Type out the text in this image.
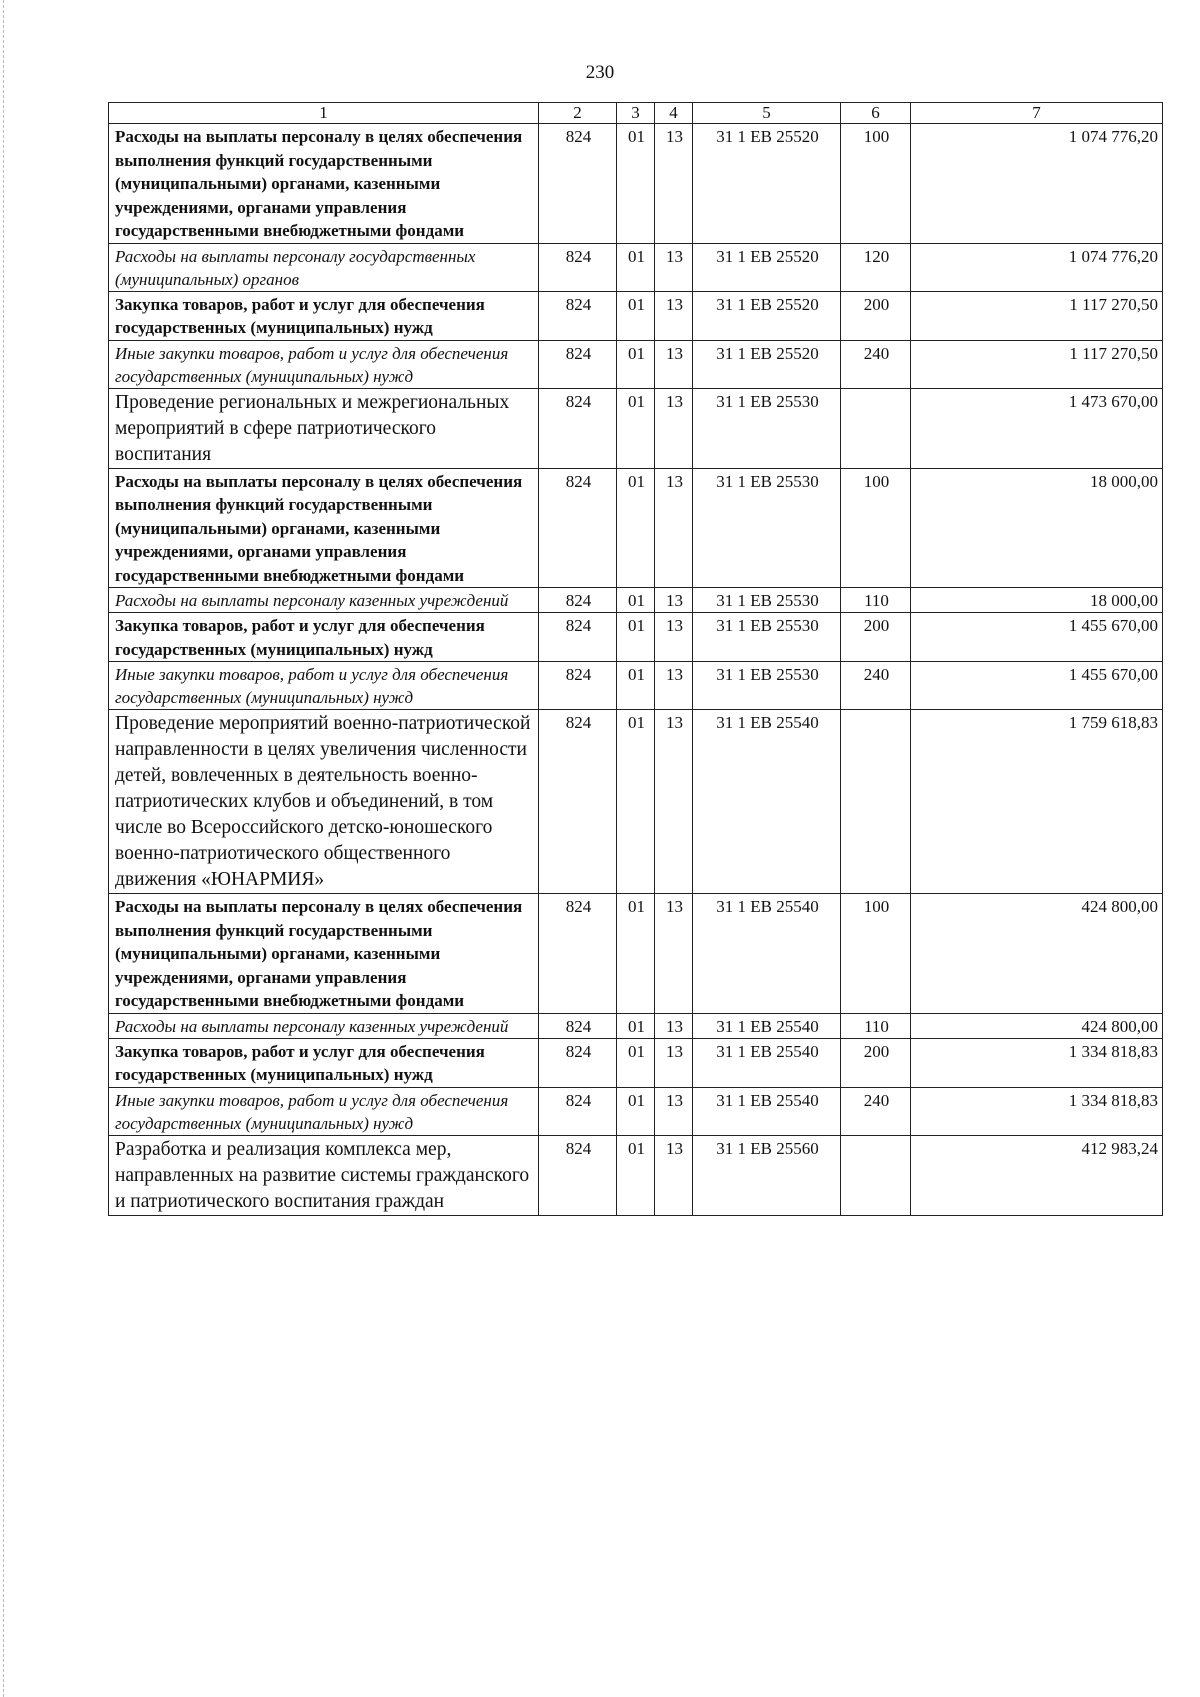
230
1	2	3	4	5	6	7
Расходы на выплаты персоналу в целях обеспечения выполнения функций государственными (муниципальными) органами, казенными учреждениями, органами управления государственными внебюджетными фондами	824	01	13	31 1 ЕВ 25520	100	1 074 776,20
Расходы на выплаты персоналу государственных (муниципальных) органов	824	01	13	31 1 ЕВ 25520	120	1 074 776,20
Закупка товаров, работ и услуг для обеспечения государственных (муниципальных) нужд	824	01	13	31 1 ЕВ 25520	200	1 117 270,50
Иные закупки товаров, работ и услуг для обеспечения государственных (муниципальных) нужд	824	01	13	31 1 ЕВ 25520	240	1 117 270,50
Проведение региональных и межрегиональных мероприятий в сфере патриотического воспитания	824	01	13	31 1 ЕВ 25530		1 473 670,00
Расходы на выплаты персоналу в целях обеспечения выполнения функций государственными (муниципальными) органами, казенными учреждениями, органами управления государственными внебюджетными фондами	824	01	13	31 1 ЕВ 25530	100	18 000,00
Расходы на выплаты персоналу казенных учреждений	824	01	13	31 1 ЕВ 25530	110	18 000,00
Закупка товаров, работ и услуг для обеспечения государственных (муниципальных) нужд	824	01	13	31 1 ЕВ 25530	200	1 455 670,00
Иные закупки товаров, работ и услуг для обеспечения государственных (муниципальных) нужд	824	01	13	31 1 ЕВ 25530	240	1 455 670,00
Проведение мероприятий военно-патриотической направленности в целях увеличения численности детей, вовлеченных в деятельность военно-патриотических клубов и объединений, в том числе во Всероссийского детско-юношеского военно-патриотического общественного движения «ЮНАРМИЯ»	824	01	13	31 1 ЕВ 25540		1 759 618,83
Расходы на выплаты персоналу в целях обеспечения выполнения функций государственными (муниципальными) органами, казенными учреждениями, органами управления государственными внебюджетными фондами	824	01	13	31 1 ЕВ 25540	100	424 800,00
Расходы на выплаты персоналу казенных учреждений	824	01	13	31 1 ЕВ 25540	110	424 800,00
Закупка товаров, работ и услуг для обеспечения государственных (муниципальных) нужд	824	01	13	31 1 ЕВ 25540	200	1 334 818,83
Иные закупки товаров, работ и услуг для обеспечения государственных (муниципальных) нужд	824	01	13	31 1 ЕВ 25540	240	1 334 818,83
Разработка и реализация комплекса мер, направленных на развитие системы гражданского и патриотического воспитания граждан	824	01	13	31 1 ЕВ 25560		412 983,24
